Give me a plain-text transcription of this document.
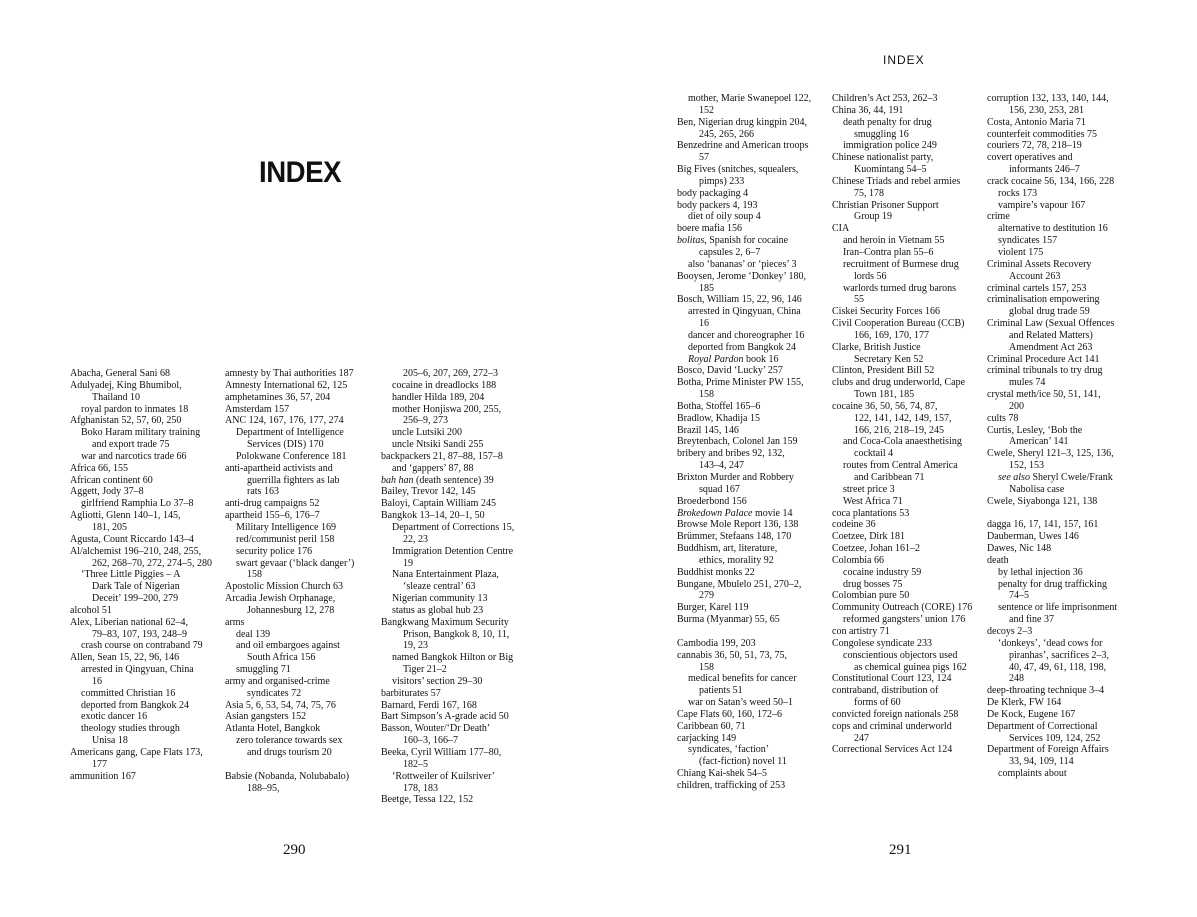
INDEX
Abacha, General Sani 68
Adulyadej, King Bhumibol,
Thailand 10
royal pardon to inmates 18
Afghanistan 52, 57, 60, 250
Boko Haram military training
and export trade 75
war and narcotics trade 66
Africa 66, 155
African continent 60
Aggett, Jody 37–8
girlfriend Ramphia Lo 37–8
Agliotti, Glenn 140–1, 145,
181, 205
Agusta, Count Riccardo 143–4
Al/alchemist 196–210, 248, 255,
262, 268–70, 272, 274–5, 280
‘Three Little Piggies – A
Dark Tale of Nigerian
Deceit’ 199–200, 279
alcohol 51
Alex, Liberian national 62–4,
79–83, 107, 193, 248–9
crash course on contraband 79
Allen, Sean 15, 22, 96, 146
arrested in Qingyuan, China
16
committed Christian 16
deported from Bangkok 24
exotic dancer 16
theology studies through
Unisa 18
Americans gang, Cape Flats 173,
177
ammunition 167
amnesty by Thai authorities 187
Amnesty International 62, 125
amphetamines 36, 57, 204
Amsterdam 157
ANC 124, 167, 176, 177, 274
Department of Intelligence
Services (DIS) 170
Polokwane Conference 181
anti-apartheid activists and
guerrilla fighters as lab
rats 163
anti-drug campaigns 52
apartheid 155–6, 176–7
Military Intelligence 169
red/communist peril 158
security police 176
swart gevaar (‘black danger’)
158
Apostolic Mission Church 63
Arcadia Jewish Orphanage,
Johannesburg 12, 278
arms
deal 139
and oil embargoes against
South Africa 156
smuggling 71
army and organised-crime
syndicates 72
Asia 5, 6, 53, 54, 74, 75, 76
Asian gangsters 152
Atlanta Hotel, Bangkok
zero tolerance towards sex
and drugs tourism 20
Babsie (Nobanda, Nolubabalo)
188–95,
205–6, 207, 269, 272–3
cocaine in dreadlocks 188
handler Hilda 189, 204
mother Honjiswa 200, 255,
256–9, 273
uncle Lutsiki 200
uncle Ntsiki Sandi 255
backpackers 21, 87–88, 157–8
and ‘gappers’ 87, 88
bah han (death sentence) 39
Bailey, Trevor 142, 145
Baloyi, Captain William 245
Bangkok 13–14, 20–1, 50
Department of Corrections 15,
22, 23
Immigration Detention Centre
19
Nana Entertainment Plaza,
‘sleaze central’ 63
Nigerian community 13
status as global hub 23
Bangkwang Maximum Security
Prison, Bangkok 8, 10, 11,
19, 23
named Bangkok Hilton or Big
Tiger 21–2
visitors’ section 29–30
barbiturates 57
Barnard, Ferdi 167, 168
Bart Simpson’s A-grade acid 50
Basson, Wouter/‘Dr Death’
160–3, 166–7
Beeka, Cyril William 177–80,
182–5
‘Rottweiler of Kuilsriver’
178, 183
Beetge, Tessa 122, 152
290
INDEX
mother, Marie Swanepoel 122,
152
Ben, Nigerian drug kingpin 204,
245, 265, 266
Benzedrine and American troops
57
Big Fives (snitches, squealers,
pimps) 233
body packaging 4
body packers 4, 193
diet of oily soup 4
boere mafia 156
bolitas, Spanish for cocaine
capsules 2, 6–7
also ‘bananas’ or ‘pieces’ 3
Booysen, Jerome ‘Donkey’ 180,
185
Bosch, William 15, 22, 96, 146
arrested in Qingyuan, China
16
dancer and choreographer 16
deported from Bangkok 24
Royal Pardon book 16
Bosco, David ‘Lucky’ 257
Botha, Prime Minister PW 155,
158
Botha, Stoffel 165–6
Bradlow, Khadija 15
Brazil 145, 146
Breytenbach, Colonel Jan 159
bribery and bribes 92, 132,
143–4, 247
Brixton Murder and Robbery
squad 167
Broederbond 156
Brokedown Palace movie 14
Browse Mole Report 136, 138
Brümmer, Stefaans 148, 170
Buddhism, art, literature,
ethics, morality 92
Buddhist monks 22
Bungane, Mbulelo 251, 270–2,
279
Burger, Karel 119
Burma (Myanmar) 55, 65
Cambodia 199, 203
cannabis 36, 50, 51, 73, 75,
158
medical benefits for cancer
patients 51
war on Satan’s weed 50–1
Cape Flats 60, 160, 172–6
Caribbean 60, 71
carjacking 149
syndicates, ‘faction’
(fact-fiction) novel 11
Chiang Kai-shek 54–5
children, trafficking of 253
Children’s Act 253, 262–3
China 36, 44, 191
death penalty for drug
smuggling 16
immigration police 249
Chinese nationalist party,
Kuomintang 54–5
Chinese Triads and rebel armies
75, 178
Christian Prisoner Support
Group 19
CIA
and heroin in Vietnam 55
Iran–Contra plan 55–6
recruitment of Burmese drug
lords 56
warlords turned drug barons
55
Ciskei Security Forces 166
Civil Cooperation Bureau (CCB)
166, 169, 170, 177
Clarke, British Justice
Secretary Ken 52
Clinton, President Bill 52
clubs and drug underworld, Cape
Town 181, 185
cocaine 36, 50, 56, 74, 87,
122, 141, 142, 149, 157,
166, 216, 218–19, 245
and Coca-Cola anaesthetising
cocktail 4
routes from Central America
and Caribbean 71
street price 3
West Africa 71
coca plantations 53
codeine 36
Coetzee, Dirk 181
Coetzee, Johan 161–2
Colombia 66
cocaine industry 59
drug bosses 75
Colombian pure 50
Community Outreach (CORE) 176
reformed gangsters’ union 176
con artistry 71
Congolese syndicate 233
conscientious objectors used
as chemical guinea pigs 162
Constitutional Court 123, 124
contraband, distribution of
forms of 60
convicted foreign nationals 258
cops and criminal underworld
247
Correctional Services Act 124
corruption 132, 133, 140, 144,
156, 230, 253, 281
Costa, Antonio Maria 71
counterfeit commodities 75
couriers 72, 78, 218–19
covert operatives and
informants 246–7
crack cocaine 56, 134, 166, 228
rocks 173
vampire’s vapour 167
crime
alternative to destitution 16
syndicates 157
violent 175
Criminal Assets Recovery
Account 263
criminal cartels 157, 253
criminalisation empowering
global drug trade 59
Criminal Law (Sexual Offences
and Related Matters)
Amendment Act 263
Criminal Procedure Act 141
criminal tribunals to try drug
mules 74
crystal meth/ice 50, 51, 141,
200
cults 78
Curtis, Lesley, ‘Bob the
American’ 141
Cwele, Sheryl 121–3, 125, 136,
152, 153
see also Sheryl Cwele/Frank
Nabolisa case
Cwele, Siyabonga 121, 138
dagga 16, 17, 141, 157, 161
Dauberman, Uwes 146
Dawes, Nic 148
death
by lethal injection 36
penalty for drug trafficking
74–5
sentence or life imprisonment
and fine 37
decoys 2–3
‘donkeys’, ‘dead cows for
piranhas’, sacrifices 2–3,
40, 47, 49, 61, 118, 198,
248
deep-throating technique 3–4
De Klerk, FW 164
De Kock, Eugene 167
Department of Correctional
Services 109, 124, 252
Department of Foreign Affairs
33, 94, 109, 114
complaints about
291
